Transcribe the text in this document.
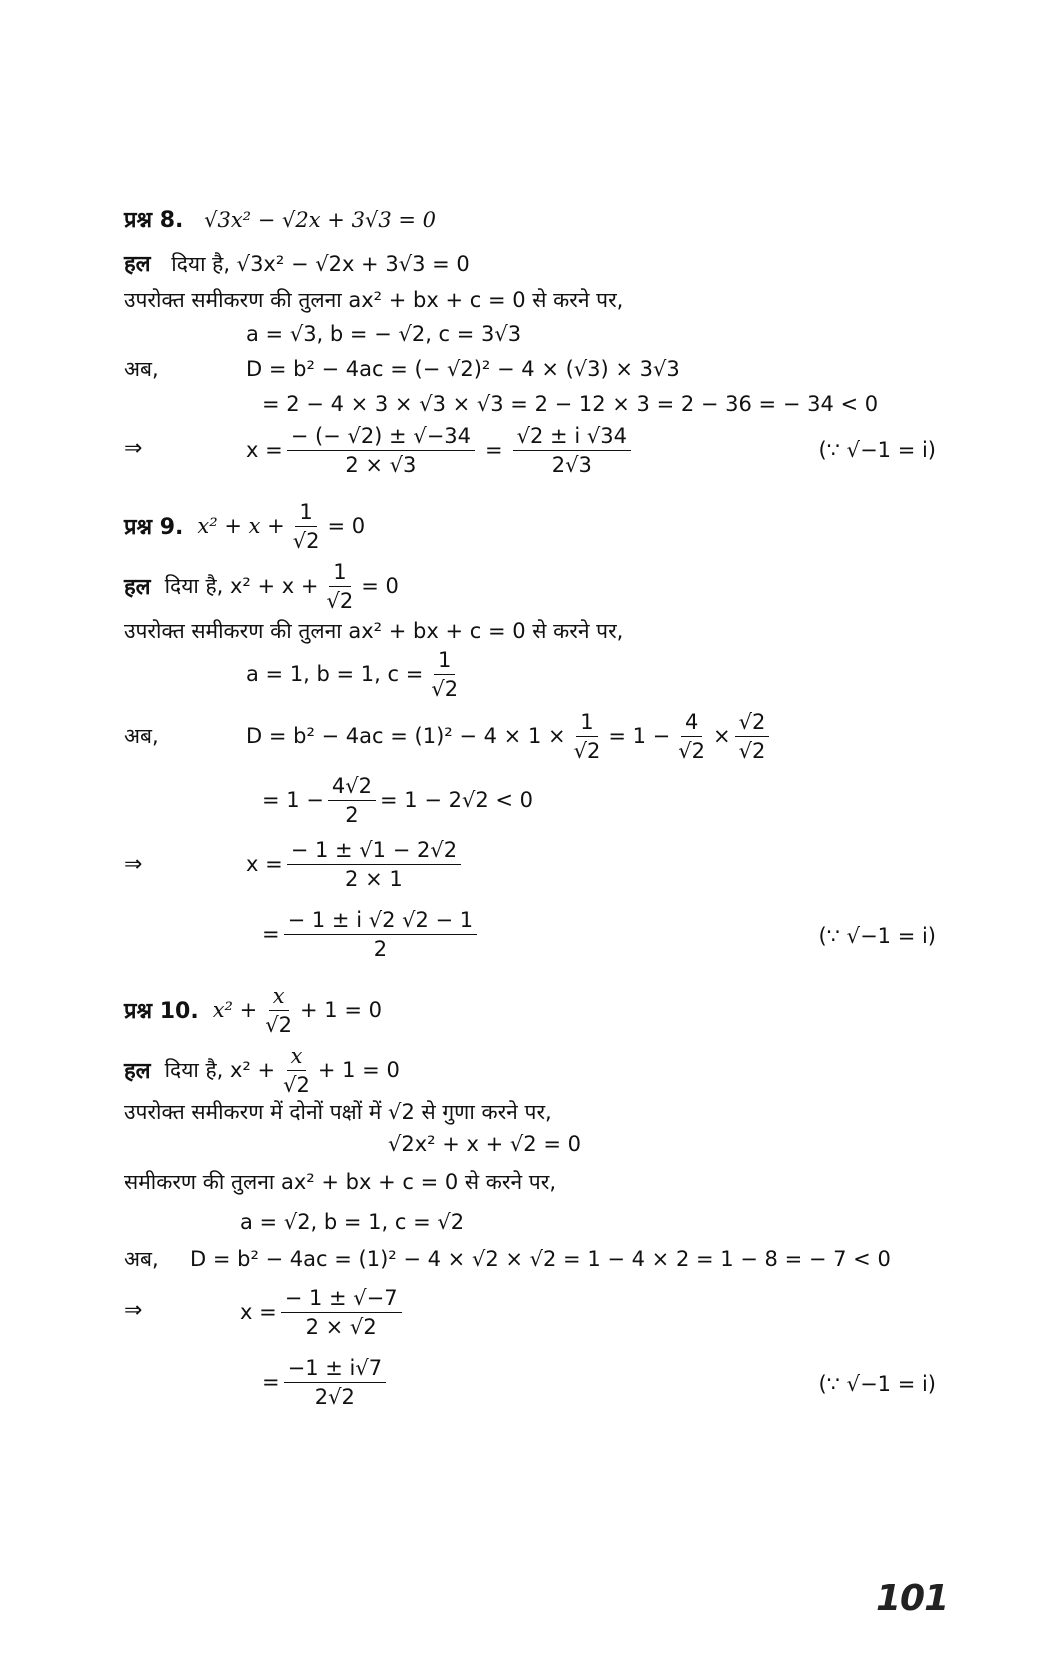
प्रश्न 8. √3x² − √2x + 3√3 = 0
हल दिया है, √3x² − √2x + 3√3 = 0
उपरोक्त समीकरण की तुलना ax² + bx + c = 0 से करने पर,
a = √3, b = − √2, c = 3√3
अब,	D = b² − 4ac = (− √2)² − 4 × (√3) × 3√3
= 2 − 4 × 3 × √3 × √3 = 2 − 12 × 3 = 2 − 36 = − 34 < 0
⇒	$x = \frac{- (- √2) \pm √-34}{2 \times √3} = \frac{√2 \pm i √34}{2√3}$	(∵ √−1 = i)
प्रश्न 9. $x^2 + x + \frac{1}{√2} = 0$
हल दिया है, $x^2 + x + \frac{1}{√2} = 0$
उपरोक्त समीकरण की तुलना ax² + bx + c = 0 से करने पर,
a = 1, b = 1, $c = \frac{1}{√2}$
अब,	$D = b^2 - 4ac = (1)^2 - 4 \times 1 \times \frac{1}{√2} = 1 - \frac{4}{√2} \times \frac{√2}{√2}$
= $1 - \frac{4√2}{2} = 1 - 2√2 < 0$
⇒	$x = \frac{- 1 \pm √1 - 2√2}{2 \times 1}$
= $\frac{- 1 \pm i √2 √2 - 1}{2}$	(∵ √−1 = i)
प्रश्न 10. $x^2 + \frac{x}{√2} + 1 = 0$
हल दिया है, $x^2 + \frac{x}{√2} + 1 = 0$
उपरोक्त समीकरण में दोनों पक्षों में √2 से गुणा करने पर,
√2x² + x + √2 = 0
समीकरण की तुलना ax² + bx + c = 0 से करने पर,
a = √2, b = 1, c = √2
अब, D = b² − 4ac = (1)² − 4 × √2 × √2 = 1 − 4 × 2 = 1 − 8 = − 7 < 0
⇒	$x = \frac{- 1 \pm √-7}{2 \times √2}$
= $\frac{-1 \pm i√7}{2√2}$	(∵ √−1 = i)
101
